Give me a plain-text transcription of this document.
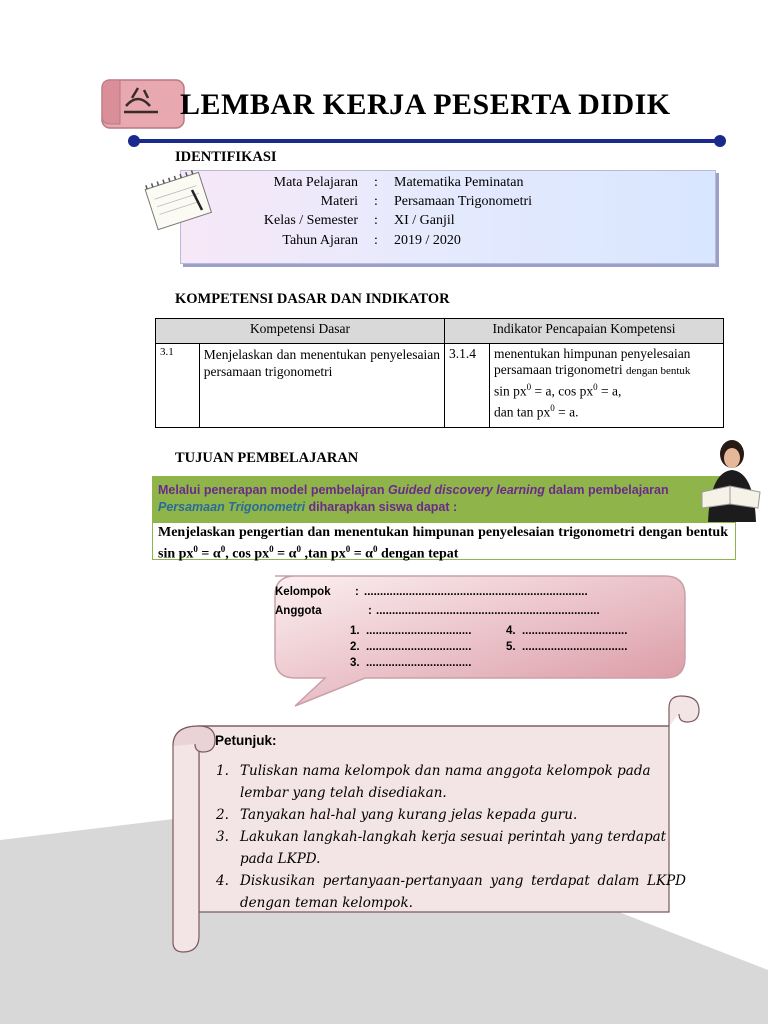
LEMBAR KERJA PESERTA DIDIK
IDENTIFIKASI
Mata Pelajaran : Matematika Peminatan
Materi : Persamaan Trigonometri
Kelas / Semester : XI / Ganjil
Tahun Ajaran : 2019 / 2020
KOMPETENSI DASAR DAN INDIKATOR
Kompetensi Dasar		Indikator Pencapaian Kompetensi	
3.1	Menjelaskan dan menentukan penyelesaian persamaan trigonometri	3.1.4	menentukan himpunan penyelesaian persamaan trigonometri dengan bentuk
$\sin px^0 = a$, $\cos px^0 = a$,
dan $\tan px^0 = a$.
TUJUAN PEMBELAJARAN
Melalui penerapan model pembelajran Guided discovery learning dalam pembelajaran
Persamaan Trigonometri diharapkan siswa dapat :
Menjelaskan pengertian dan menentukan himpunan penyelesaian trigonometri dengan bentuk $\sin px^0 = \alpha^0$, $\cos px^0 = \alpha^0$ ,tan $px^0 = \alpha^0$ dengan tepat
Kelompok : ......................................................................
Anggota	: ......................................................................
1. .................................
2. .................................
3. .................................
4. .................................
5. .................................
Petunjuk:
1. Tuliskan nama kelompok dan nama anggota kelompok pada lembar yang telah disediakan.
2. Tanyakan hal-hal yang kurang jelas kepada guru.
3. Lakukan langkah-langkah kerja sesuai perintah yang terdapat pada LKPD.
4. Diskusikan pertanyaan-pertanyaan yang terdapat dalam LKPD dengan teman kelompok.
